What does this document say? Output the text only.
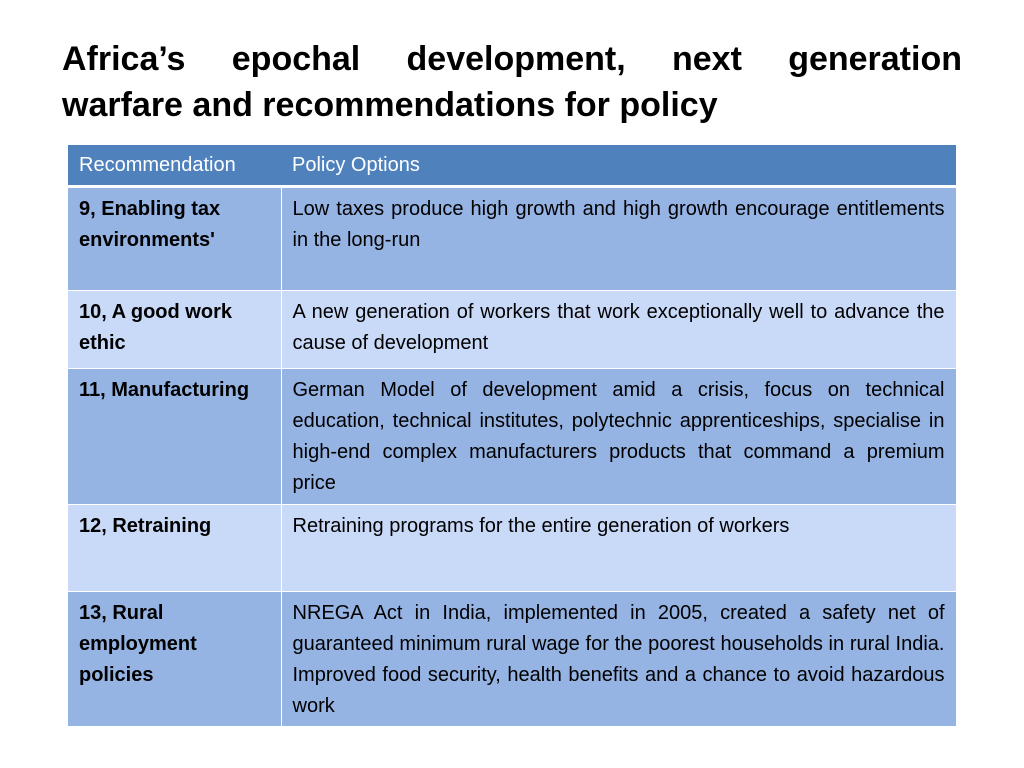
Africa’s epochal development, next generation
warfare and recommendations for policy
Recommendation	Policy Options
9, Enabling tax environments'	Low taxes produce high growth and high growth encourage entitlements in the long-run
10, A good work ethic	A new generation of workers that work exceptionally well to advance the cause of development
11, Manufacturing	German Model of development amid a crisis, focus on technical education, technical institutes, polytechnic apprenticeships, specialise in high-end complex manufacturers products that command a premium price
12, Retraining	Retraining programs for the entire generation of workers
13, Rural employment policies	NREGA Act in India, implemented in 2005, created a safety net of guaranteed minimum rural wage for the poorest households in rural India. Improved food security, health benefits and a chance to avoid hazardous work
